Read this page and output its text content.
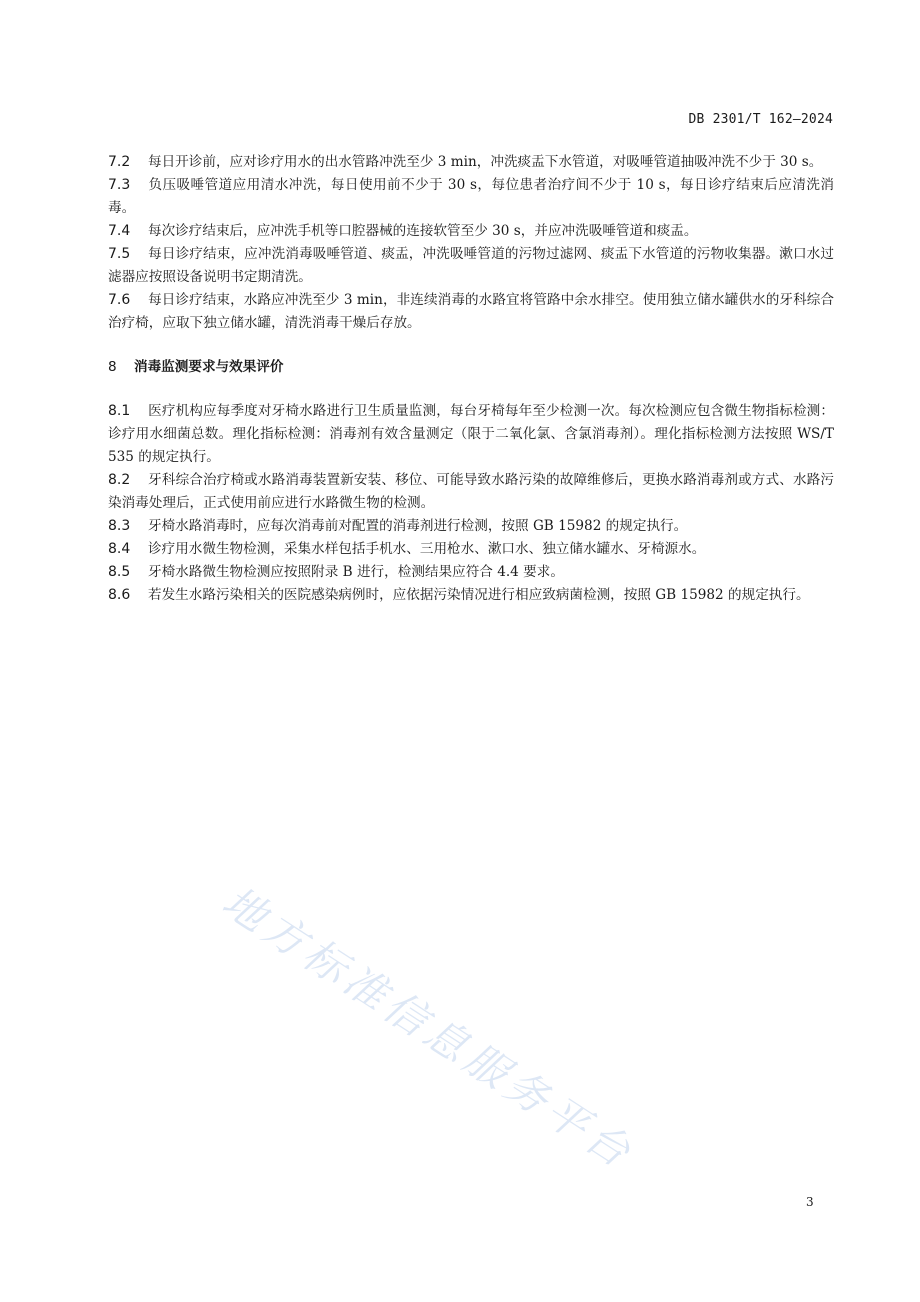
DB 2301/T 162—2024

7.2 每日开诊前，应对诊疗用水的出水管路冲洗至少 3 min，冲洗痰盂下水管道，对吸唾管道抽吸冲洗不少于 30 s。

7.3 负压吸唾管道应用清水冲洗，每日使用前不少于 30 s，每位患者治疗间不少于 10 s，每日诊疗结束后应清洗消毒。

7.4 每次诊疗结束后，应冲洗手机等口腔器械的连接软管至少 30 s，并应冲洗吸唾管道和痰盂。

7.5 每日诊疗结束，应冲洗消毒吸唾管道、痰盂，冲洗吸唾管道的污物过滤网、痰盂下水管道的污物收集器。漱口水过滤器应按照设备说明书定期清洗。

7.6 每日诊疗结束，水路应冲洗至少 3 min，非连续消毒的水路宜将管路中余水排空。使用独立储水罐供水的牙科综合治疗椅，应取下独立储水罐，清洗消毒干燥后存放。

8 消毒监测要求与效果评价

8.1 医疗机构应每季度对牙椅水路进行卫生质量监测，每台牙椅每年至少检测一次。每次检测应包含微生物指标检测：诊疗用水细菌总数。理化指标检测：消毒剂有效含量测定（限于二氧化氯、含氯消毒剂）。理化指标检测方法按照 WS/T 535 的规定执行。

8.2 牙科综合治疗椅或水路消毒装置新安装、移位、可能导致水路污染的故障维修后，更换水路消毒剂或方式、水路污染消毒处理后，正式使用前应进行水路微生物的检测。

8.3 牙椅水路消毒时，应每次消毒前对配置的消毒剂进行检测，按照 GB 15982 的规定执行。

8.4 诊疗用水微生物检测，采集水样包括手机水、三用枪水、漱口水、独立储水罐水、牙椅源水。

8.5 牙椅水路微生物检测应按照附录 B 进行，检测结果应符合 4.4 要求。

8.6 若发生水路污染相关的医院感染病例时，应依据污染情况进行相应致病菌检测，按照 GB 15982 的规定执行。

地方标准信息服务平台
3
